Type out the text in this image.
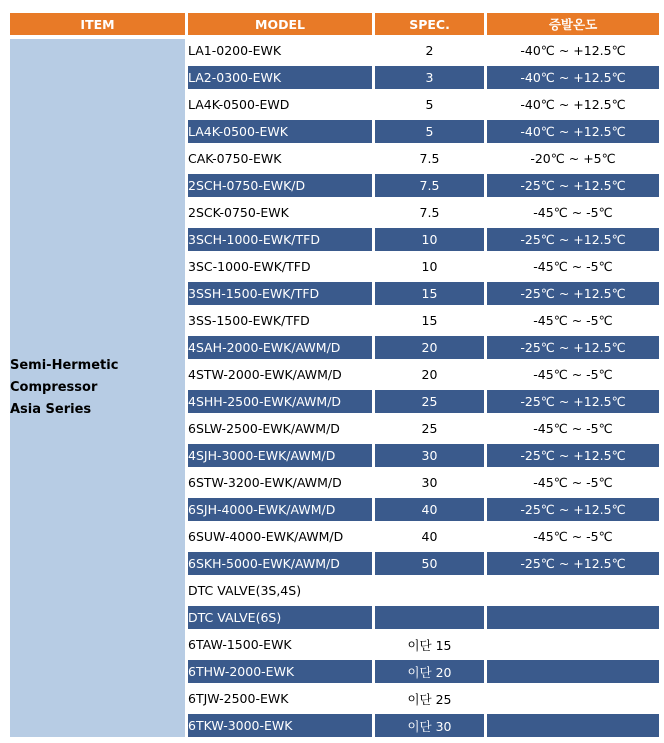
ITEM	MODEL	SPEC.	증발온도

Semi-Hermetic
Compressor
Asia Series	LA1-0200-EWK	2	-40℃ ~ +12.5℃
	LA2-0300-EWK	3	-40℃ ~ +12.5℃
	LA4K-0500-EWD	5	-40℃ ~ +12.5℃
	LA4K-0500-EWK	5	-40℃ ~ +12.5℃
	CAK-0750-EWK	7.5	-20℃ ~ +5℃
	2SCH-0750-EWK/D	7.5	-25℃ ~ +12.5℃
	2SCK-0750-EWK	7.5	-45℃ ~ -5℃
	3SCH-1000-EWK/TFD	10	-25℃ ~ +12.5℃
	3SC-1000-EWK/TFD	10	-45℃ ~ -5℃
	3SSH-1500-EWK/TFD	15	-25℃ ~ +12.5℃
	3SS-1500-EWK/TFD	15	-45℃ ~ -5℃
	4SAH-2000-EWK/AWM/D	20	-25℃ ~ +12.5℃
	4STW-2000-EWK/AWM/D	20	-45℃ ~ -5℃
	4SHH-2500-EWK/AWM/D	25	-25℃ ~ +12.5℃
	6SLW-2500-EWK/AWM/D	25	-45℃ ~ -5℃
	4SJH-3000-EWK/AWM/D	30	-25℃ ~ +12.5℃
	6STW-3200-EWK/AWM/D	30	-45℃ ~ -5℃
	6SJH-4000-EWK/AWM/D	40	-25℃ ~ +12.5℃
	6SUW-4000-EWK/AWM/D	40	-45℃ ~ -5℃
	6SKH-5000-EWK/AWM/D	50	-25℃ ~ +12.5℃
	DTC VALVE(3S,4S)		
	DTC VALVE(6S)		
	6TAW-1500-EWK	이단 15	
	6THW-2000-EWK	이단 20	
	6TJW-2500-EWK	이단 25	
	6TKW-3000-EWK	이단 30	
